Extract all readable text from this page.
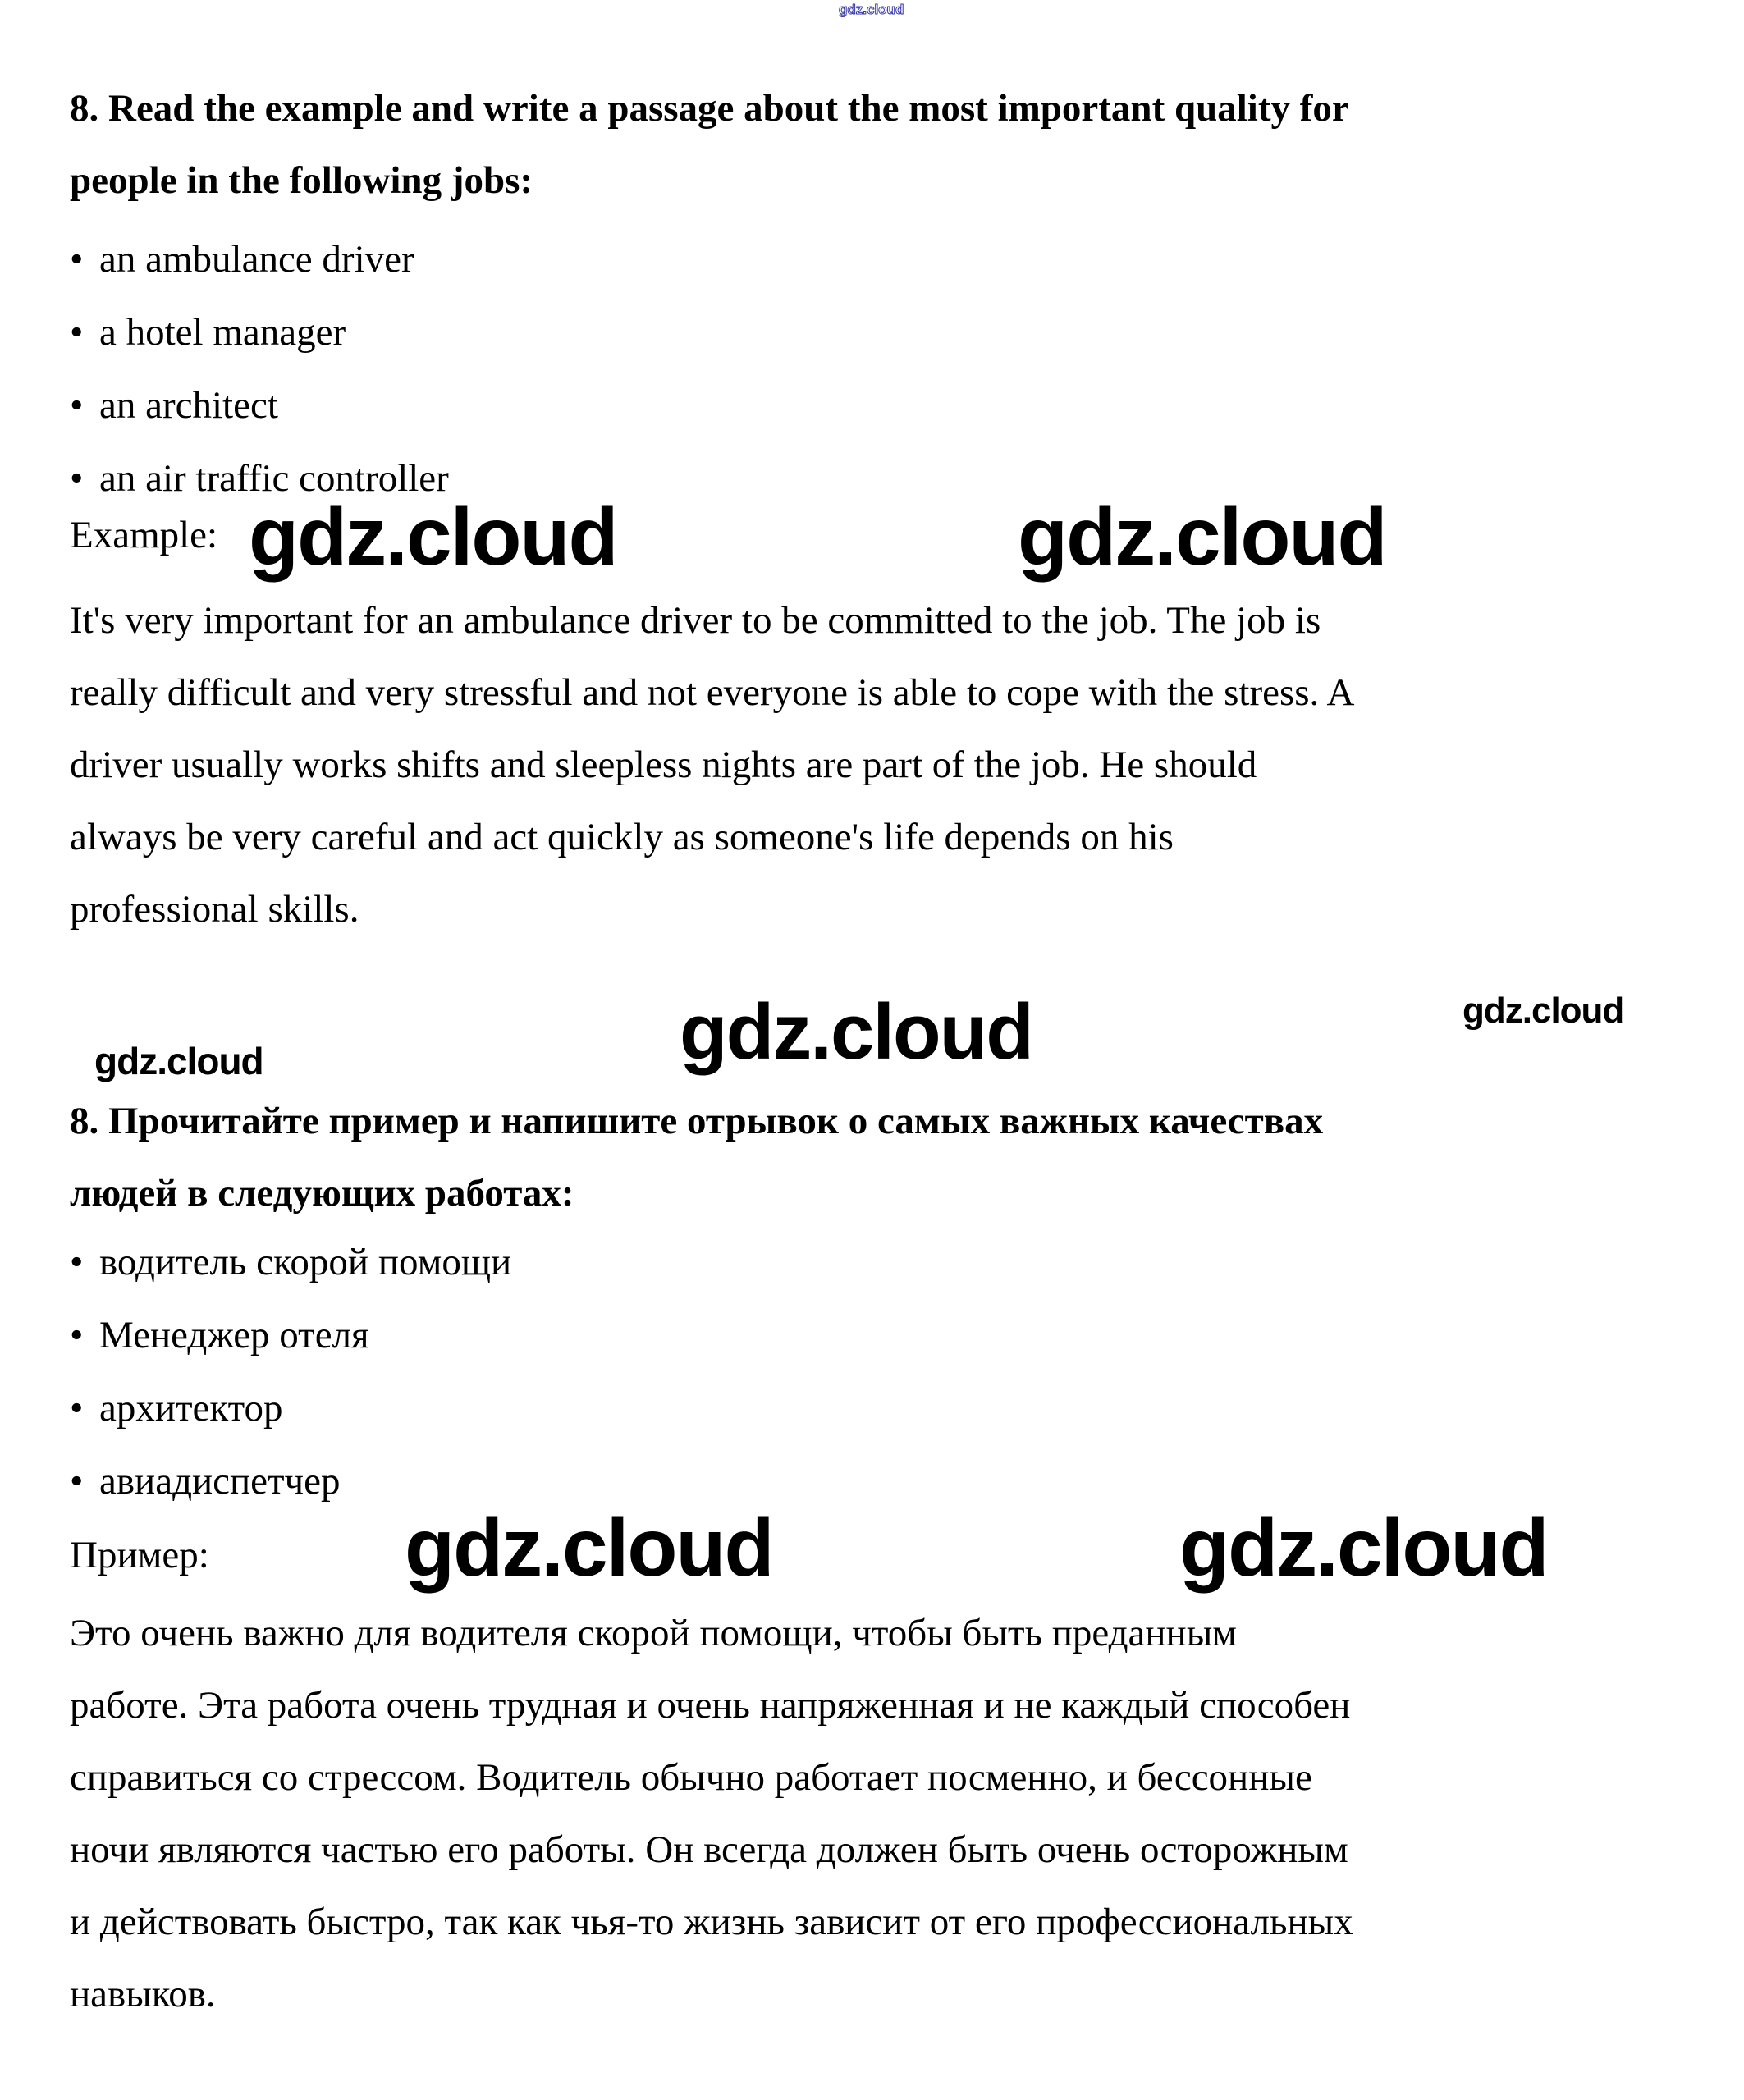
gdz.cloud
8. Read the example and write a passage about the most important quality for
people in the following jobs:
• an ambulance driver
• a hotel manager
• an architect
• an air traffic controller
Example: gdz.cloud	gdz.cloud
It's very important for an ambulance driver to be committed to the job. The job is
really difficult and very stressful and not everyone is able to cope with the stress. A
driver usually works shifts and sleepless nights are part of the job. He should
always be very careful and act quickly as someone's life depends on his
professional skills.
gdz.cloud	gdz.cloud	gdz.cloud
8. Прочитайте пример и напишите отрывок о самых важных качествах
людей в следующих работах:
• водитель скорой помощи
• Менеджер отеля
• архитектор
• авиадиспетчер
Пример: gdz.cloud	gdz.cloud
Это очень важно для водителя скорой помощи, чтобы быть преданным
работе. Эта работа очень трудная и очень напряженная и не каждый способен
справиться со стрессом. Водитель обычно работает посменно, и бессонные
ночи являются частью его работы. Он всегда должен быть очень осторожным
и действовать быстро, так как чья-то жизнь зависит от его профессиональных
навыков.
